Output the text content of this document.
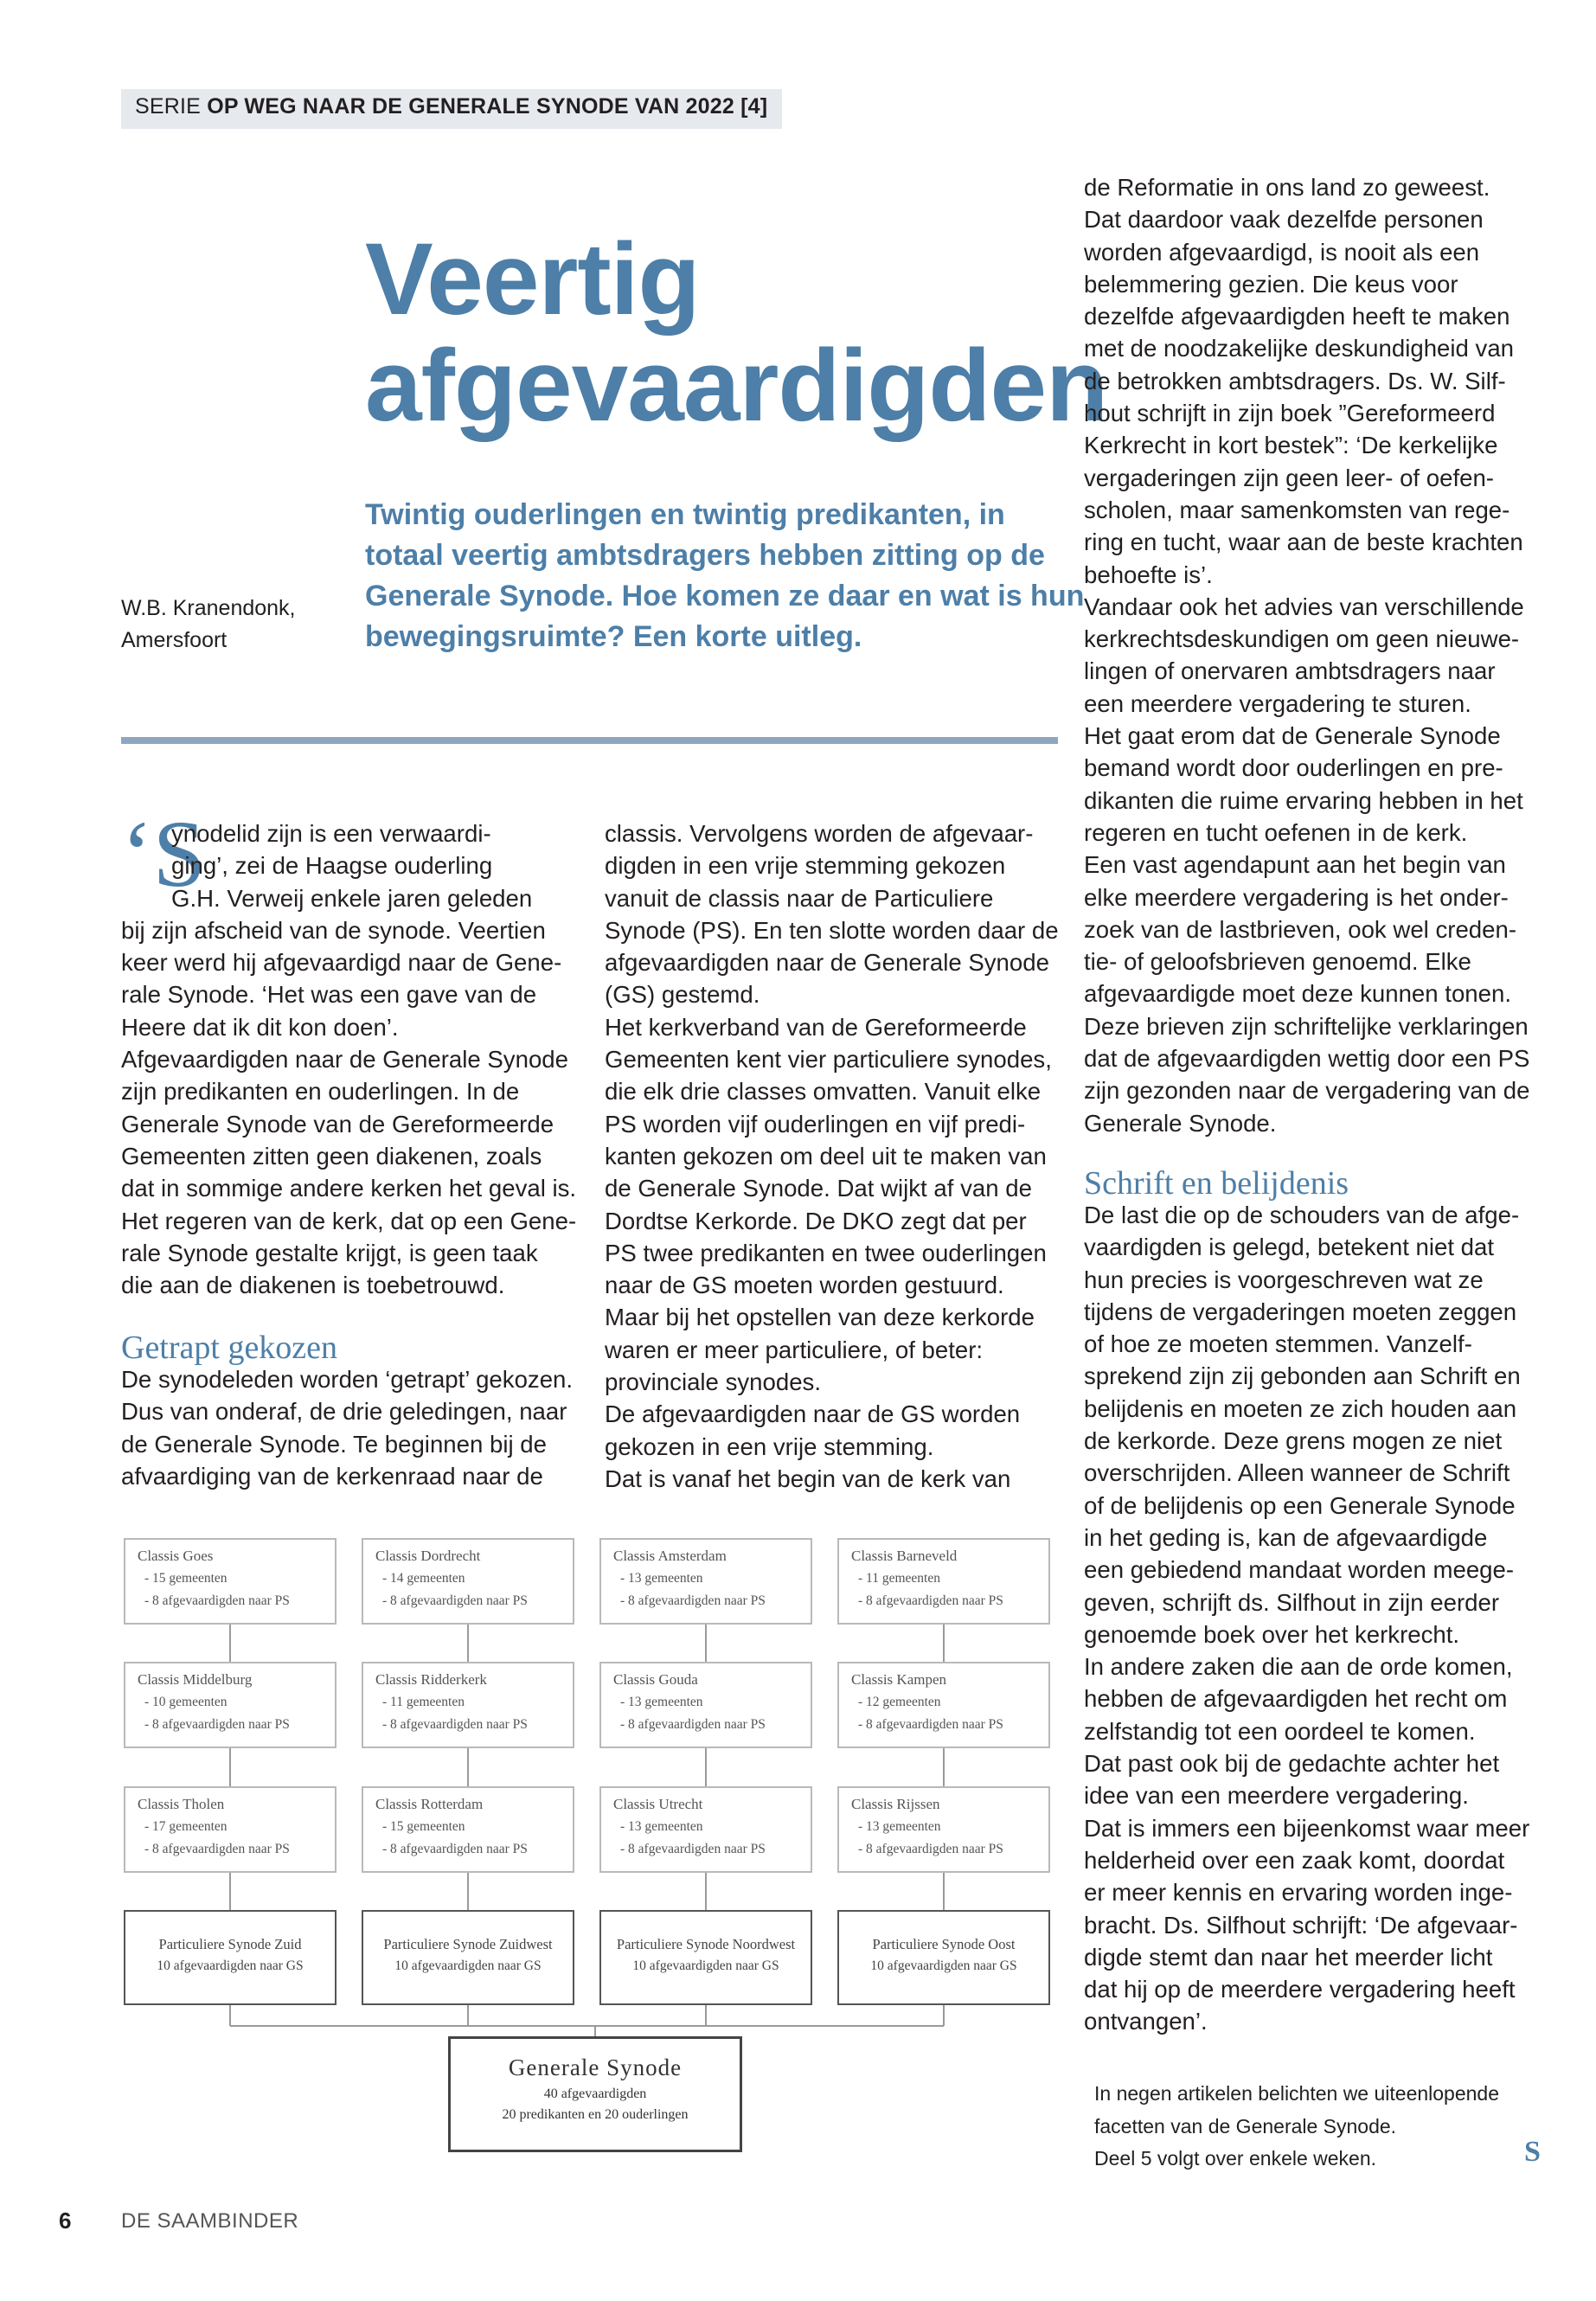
SERIE OP WEG NAAR DE GENERALE SYNODE VAN 2022 [4]
Veertig
afgevaardigden
W.B. Kranendonk,
Amersfoort
Twintig ouderlingen en twintig predikanten, in
totaal veertig ambtsdragers hebben zitting op de
Generale Synode. Hoe komen ze daar en wat is hun
bewegingsruimte? Een korte uitleg.
‘S
ynodelid zijn is een verwaardi-
ging’, zei de Haagse ouderling
G.H. Verweij enkele jaren geleden
bij zijn afscheid van de synode. Veertien
keer werd hij afgevaardigd naar de Gene-
rale Synode. ‘Het was een gave van de
Heere dat ik dit kon doen’.
Afgevaardigden naar de Generale Synode
zijn predikanten en ouderlingen. In de
Generale Synode van de Gereformeerde
Gemeenten zitten geen diakenen, zoals
dat in sommige andere kerken het geval is.
Het regeren van de kerk, dat op een Gene-
rale Synode gestalte krijgt, is geen taak
die aan de diakenen is toebetrouwd.
Getrapt gekozen
De synodeleden worden ‘getrapt’ gekozen.
Dus van onderaf, de drie geledingen, naar
de Generale Synode. Te beginnen bij de
afvaardiging van de kerkenraad naar de
classis. Vervolgens worden de afgevaar-
digden in een vrije stemming gekozen
vanuit de classis naar de Particuliere
Synode (PS). En ten slotte worden daar de
afgevaardigden naar de Generale Synode
(GS) gestemd.
Het kerkverband van de Gereformeerde
Gemeenten kent vier particuliere synodes,
die elk drie classes omvatten. Vanuit elke
PS worden vijf ouderlingen en vijf predi-
kanten gekozen om deel uit te maken van
de Generale Synode. Dat wijkt af van de
Dordtse Kerkorde. De DKO zegt dat per
PS twee predikanten en twee ouderlingen
naar de GS moeten worden gestuurd.
Maar bij het opstellen van deze kerkorde
waren er meer particuliere, of beter:
provinciale synodes.
De afgevaardigden naar de GS worden
gekozen in een vrije stemming.
Dat is vanaf het begin van de kerk van
de Reformatie in ons land zo geweest.
Dat daardoor vaak dezelfde personen
worden afgevaardigd, is nooit als een
belemmering gezien. Die keus voor
dezelfde afgevaardigden heeft te maken
met de noodzakelijke deskundigheid van
de betrokken ambtsdragers. Ds. W. Silf-
hout schrijft in zijn boek ”Gereformeerd
Kerkrecht in kort bestek”: ‘De kerkelijke
vergaderingen zijn geen leer- of oefen-
scholen, maar samenkomsten van rege-
ring en tucht, waar aan de beste krachten
behoefte is’.
Vandaar ook het advies van verschillende
kerkrechtsdeskundigen om geen nieuwe-
lingen of onervaren ambtsdragers naar
een meerdere vergadering te sturen.
Het gaat erom dat de Generale Synode
bemand wordt door ouderlingen en pre-
dikanten die ruime ervaring hebben in het
regeren en tucht oefenen in de kerk.
Een vast agendapunt aan het begin van
elke meerdere vergadering is het onder-
zoek van de lastbrieven, ook wel creden-
tie- of geloofsbrieven genoemd. Elke
afgevaardigde moet deze kunnen tonen.
Deze brieven zijn schriftelijke verklaringen
dat de afgevaardigden wettig door een PS
zijn gezonden naar de vergadering van de
Generale Synode.
Schrift en belijdenis
De last die op de schouders van de afge-
vaardigden is gelegd, betekent niet dat
hun precies is voorgeschreven wat ze
tijdens de vergaderingen moeten zeggen
of hoe ze moeten stemmen. Vanzelf-
sprekend zijn zij gebonden aan Schrift en
belijdenis en moeten ze zich houden aan
de kerkorde. Deze grens mogen ze niet
overschrijden. Alleen wanneer de Schrift
of de belijdenis op een Generale Synode
in het geding is, kan de afgevaardigde
een gebiedend mandaat worden meege-
geven, schrijft ds. Silfhout in zijn eerder
genoemde boek over het kerkrecht.
In andere zaken die aan de orde komen,
hebben de afgevaardigden het recht om
zelfstandig tot een oordeel te komen.
Dat past ook bij de gedachte achter het
idee van een meerdere vergadering.
Dat is immers een bijeenkomst waar meer
helderheid over een zaak komt, doordat
er meer kennis en ervaring worden inge-
bracht. Ds. Silfhout schrijft: ‘De afgevaar-
digde stemt dan naar het meerder licht
dat hij op de meerdere vergadering heeft
ontvangen’.
Classis Goes
- 15 gemeenten
- 8 afgevaardigden naar PS
Classis Dordrecht
- 14 gemeenten
- 8 afgevaardigden naar PS
Classis Amsterdam
- 13 gemeenten
- 8 afgevaardigden naar PS
Classis Barneveld
- 11 gemeenten
- 8 afgevaardigden naar PS
Classis Middelburg
- 10 gemeenten
- 8 afgevaardigden naar PS
Classis Ridderkerk
- 11 gemeenten
- 8 afgevaardigden naar PS
Classis Gouda
- 13 gemeenten
- 8 afgevaardigden naar PS
Classis Kampen
- 12 gemeenten
- 8 afgevaardigden naar PS
Classis Tholen
- 17 gemeenten
- 8 afgevaardigden naar PS
Classis Rotterdam
- 15 gemeenten
- 8 afgevaardigden naar PS
Classis Utrecht
- 13 gemeenten
- 8 afgevaardigden naar PS
Classis Rijssen
- 13 gemeenten
- 8 afgevaardigden naar PS
Particuliere Synode Zuid
10 afgevaardigden naar GS
Particuliere Synode Zuidwest
10 afgevaardigden naar GS
Particuliere Synode Noordwest
10 afgevaardigden naar GS
Particuliere Synode Oost
10 afgevaardigden naar GS
Generale Synode
40 afgevaardigden
20 predikanten en 20 ouderlingen
In negen artikelen belichten we uiteenlopende
facetten van de Generale Synode.
Deel 5 volgt over enkele weken.	S
6 DE SAAMBINDER
